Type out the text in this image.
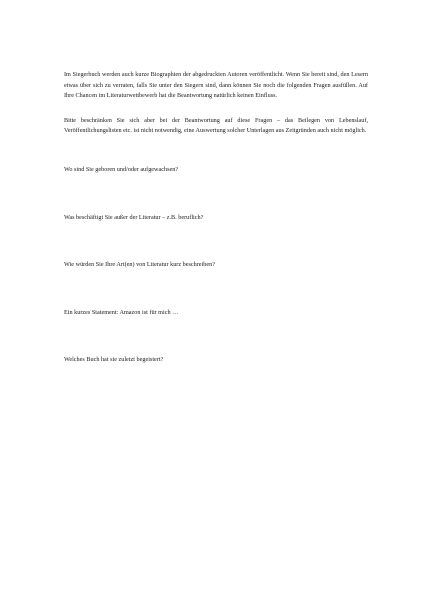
Im Siegerbuch werden auch kurze Biographien der abgedruckten Autoren veröffentlicht. Wenn Sie bereit sind, den Lesern etwas über sich zu verraten, falls Sie unter den Siegern sind, dann können Sie noch die folgenden Fragen ausfüllen. Auf Ihre Chancen im Literaturwettbewerb hat die Beantwortung natürlich keinen Einfluss.

Bitte beschränken Sie sich aber bei der Beantwortung auf diese Fragen – das Beilegen von Lebenslauf, Veröffentlichungslisten etc. ist nicht notwendig, eine Auswertung solcher Unterlagen aus Zeitgründen auch nicht möglich.

Wo sind Sie geboren und/oder aufgewachsen?

Was beschäftigt Sie außer der Literatur – z.B. beruflich?

Wie würden Sie Ihre Art(en) von Literatur kurz beschreiben?

Ein kurzes Statement: Amazon ist für mich …

Welches Buch hat sie zuletzt begeistert?
